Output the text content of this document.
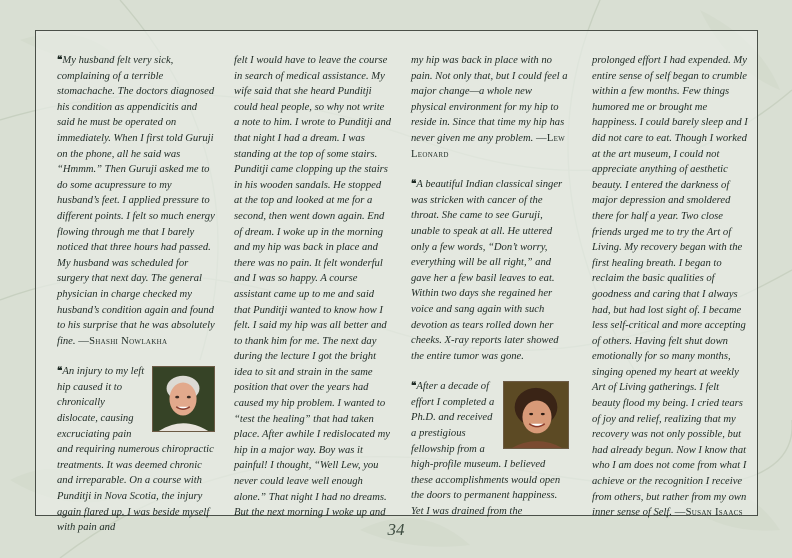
❝My husband felt very sick, complaining of a terrible stomachache. The doctors diagnosed his condition as appendicitis and said he must be operated on immediately. When I first told Guruji on the phone, all he said was “Hmmm.” Then Guruji asked me to do some acupressure to my husband’s feet. I applied pressure to different points. I felt so much energy flowing through me that I barely noticed that three hours had passed. My husband was scheduled for surgery that next day. The general physician in charge checked my husband’s condition again and found to his surprise that he was absolutely fine. —Shashi Nowlakha

❝An injury to my left hip caused it to chronically dislocate, causing excruciating pain and requiring numerous chiropractic treatments. It was deemed chronic and irreparable. On a course with Punditji in Nova Scotia, the injury again flared up. I was beside myself with pain and

felt I would have to leave the course in search of medical assistance. My wife said that she heard Punditji could heal people, so why not write a note to him. I wrote to Punditji and that night I had a dream. I was standing at the top of some stairs. Punditji came clopping up the stairs in his wooden sandals. He stopped at the top and looked at me for a second, then went down again. End of dream. I woke up in the morning and my hip was back in place and there was no pain. It felt wonderful and I was so happy. A course assistant came up to me and said that Punditji wanted to know how I felt. I said my hip was all better and to thank him for me. The next day during the lecture I got the bright idea to sit and strain in the same position that over the years had caused my hip problem. I wanted to “test the healing” that had taken place. After awhile I redislocated my hip in a major way. Boy was it painful! I thought, “Well Lew, you never could leave well enough alone.” That night I had no dreams. But the next morning I woke up and

my hip was back in place with no pain. Not only that, but I could feel a major change—a whole new physical environment for my hip to reside in. Since that time my hip has never given me any problem. —Lew Leonard

❝A beautiful Indian classical singer was stricken with cancer of the throat. She came to see Guruji, unable to speak at all. He uttered only a few words, “Don’t worry, everything will be all right,” and gave her a few basil leaves to eat. Within two days she regained her voice and sang again with such devotion as tears rolled down her cheeks. X-ray reports later showed the entire tumor was gone.

❝After a decade of effort I completed a Ph.D. and received a prestigious fellowship from a high-profile museum. I believed these accomplishments would open the doors to permanent happiness. Yet I was drained from the

prolonged effort I had expended. My entire sense of self began to crumble within a few months. Few things humored me or brought me happiness. I could barely sleep and I did not care to eat. Though I worked at the art museum, I could not appreciate anything of aesthetic beauty. I entered the darkness of major depression and smoldered there for half a year. Two close friends urged me to try the Art of Living. My recovery began with the first healing breath. I began to reclaim the basic qualities of goodness and caring that I always had, but had lost sight of. I became less self-critical and more accepting of others. Having felt shut down emotionally for so many months, singing opened my heart at weekly Art of Living gatherings. I felt beauty flood my being. I cried tears of joy and relief, realizing that my recovery was not only possible, but had already begun. Now I know that who I am does not come from what I achieve or the recognition I receive from others, but rather from my own inner sense of Self. —Susan Isaacs

34
